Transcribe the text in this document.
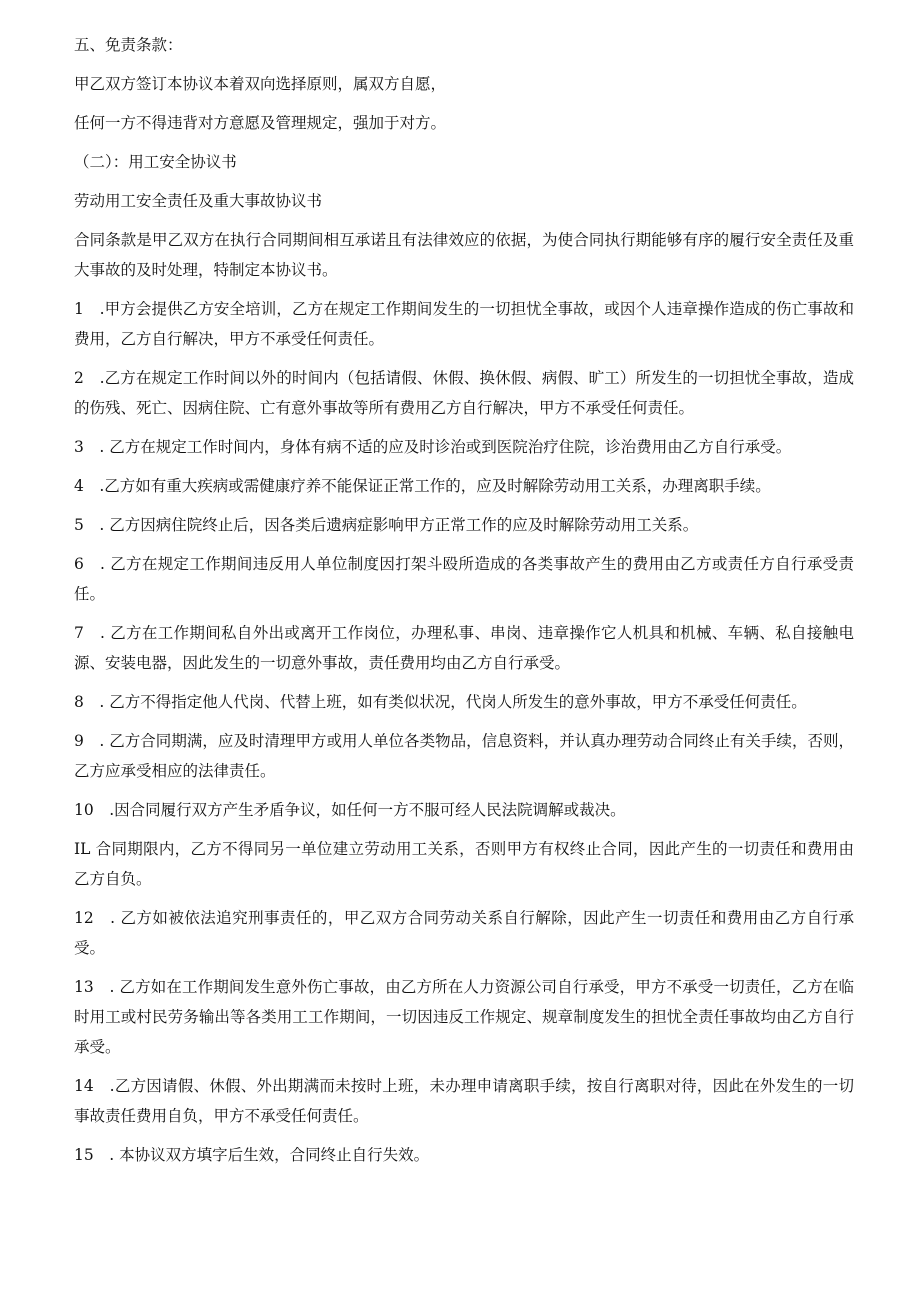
五、免责条款：

甲乙双方签订本协议本着双向选择原则，属双方自愿，

任何一方不得违背对方意愿及管理规定，强加于对方。

（二）：用工安全协议书

劳动用工安全责任及重大事故协议书

合同条款是甲乙双方在执行合同期间相互承诺且有法律效应的依据，为使合同执行期能够有序的履行安全责任及重大事故的及时处理，特制定本协议书。

1　.甲方会提供乙方安全培训，乙方在规定工作期间发生的一切担忧全事故，或因个人违章操作造成的伤亡事故和费用，乙方自行解决，甲方不承受任何责任。

2　.乙方在规定工作时间以外的时间内（包括请假、休假、换休假、病假、旷工）所发生的一切担忧全事故，造成的伤残、死亡、因病住院、亡有意外事故等所有费用乙方自行解决，甲方不承受任何责任。

3　. 乙方在规定工作时间内，身体有病不适的应及时诊治或到医院治疗住院，诊治费用由乙方自行承受。

4　.乙方如有重大疾病或需健康疗养不能保证正常工作的，应及时解除劳动用工关系，办理离职手续。

5　. 乙方因病住院终止后，因各类后遗病症影响甲方正常工作的应及时解除劳动用工关系。

6　. 乙方在规定工作期间违反用人单位制度因打架斗殴所造成的各类事故产生的费用由乙方或责任方自行承受责任。

7　. 乙方在工作期间私自外出或离开工作岗位，办理私事、串岗、违章操作它人机具和机械、车辆、私自接触电源、安装电器，因此发生的一切意外事故，责任费用均由乙方自行承受。

8　. 乙方不得指定他人代岗、代替上班，如有类似状况，代岗人所发生的意外事故，甲方不承受任何责任。

9　. 乙方合同期满，应及时清理甲方或用人单位各类物品，信息资料，并认真办理劳动合同终止有关手续，否则，乙方应承受相应的法律责任。

10　.因合同履行双方产生矛盾争议，如任何一方不服可经人民法院调解或裁决。

IL 合同期限内，乙方不得同另一单位建立劳动用工关系，否则甲方有权终止合同，因此产生的一切责任和费用由乙方自负。

12　. 乙方如被依法追究刑事责任的，甲乙双方合同劳动关系自行解除，因此产生一切责任和费用由乙方自行承受。

13　. 乙方如在工作期间发生意外伤亡事故，由乙方所在人力资源公司自行承受，甲方不承受一切责任，乙方在临时用工或村民劳务输出等各类用工工作期间，一切因违反工作规定、规章制度发生的担忧全责任事故均由乙方自行承受。

14　.乙方因请假、休假、外出期满而未按时上班，未办理申请离职手续，按自行离职对待，因此在外发生的一切事故责任费用自负，甲方不承受任何责任。

15　. 本协议双方填字后生效，合同终止自行失效。
